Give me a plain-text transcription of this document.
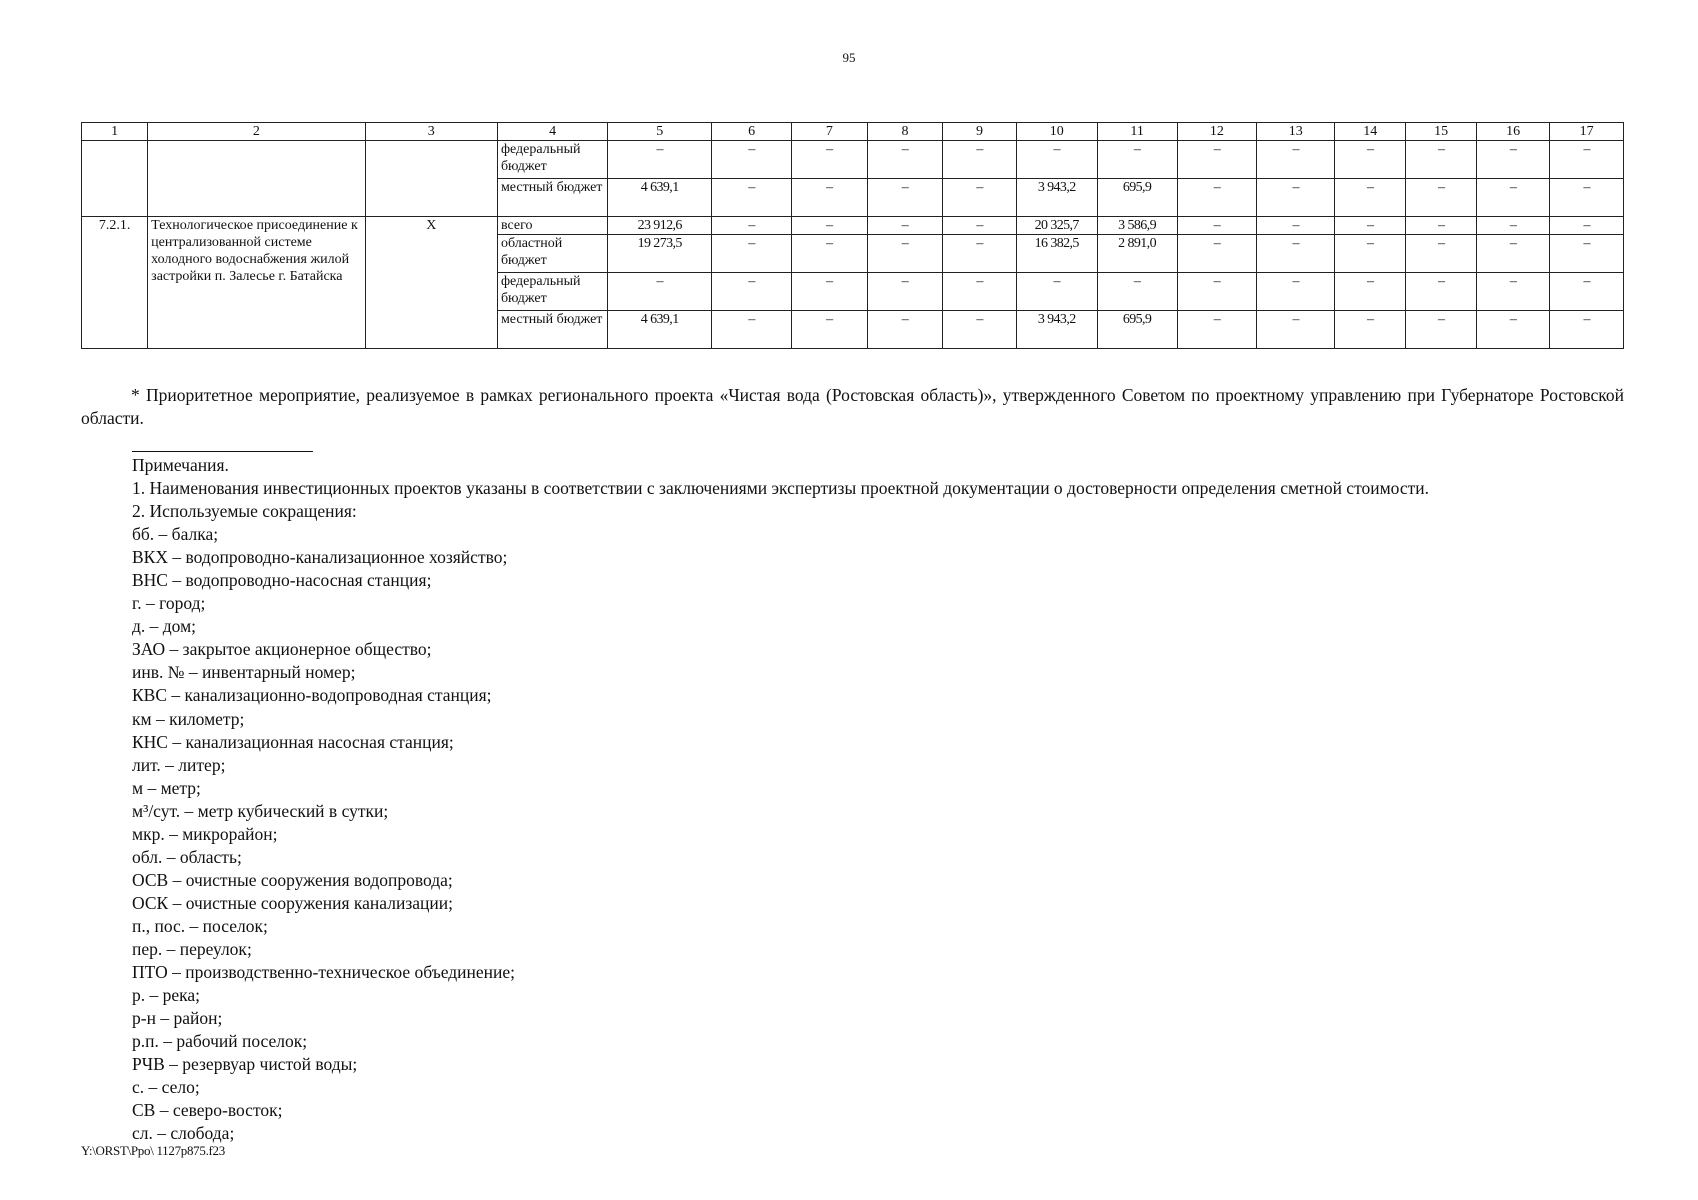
95
1	2	3	4	5	6	7	8	9	10	11	12	13	14	15	16	17
			федеральный бюджет	–	–	–	–	–	–	–	–	–	–	–	–	–
			местный бюджет	4 639,1	–	–	–	–	3 943,2	695,9	–	–	–	–	–	–
7.2.1.	Технологическое присоединение к централизованной системе холодного водоснабжения жилой застройки п. Залесье г. Батайска	Х	всего	23 912,6	–	–	–	–	20 325,7	3 586,9	–	–	–	–	–	–
			областной бюджет	19 273,5	–	–	–	–	16 382,5	2 891,0	–	–	–	–	–	–
			федеральный бюджет	–	–	–	–	–	–	–	–	–	–	–	–	–
			местный бюджет	4 639,1	–	–	–	–	3 943,2	695,9	–	–	–	–	–	–

* Приоритетное мероприятие, реализуемое в рамках регионального проекта «Чистая вода (Ростовская область)», утвержденного Советом по проектному управлению при Губернаторе Ростовской области.

Примечания.
1. Наименования инвестиционных проектов указаны в соответствии с заключениями экспертизы проектной документации о достоверности определения сметной стоимости.
2. Используемые сокращения:
бб. – балка;
ВКХ – водопроводно-канализационное хозяйство;
ВНС – водопроводно-насосная станция;
г. – город;
д. – дом;
ЗАО – закрытое акционерное общество;
инв. № – инвентарный номер;
КВС – канализационно-водопроводная станция;
км – километр;
КНС – канализационная насосная станция;
лит. – литер;
м – метр;
м³/сут. – метр кубический в сутки;
мкр. – микрорайон;
обл. – область;
ОСВ – очистные сооружения водопровода;
ОСК – очистные сооружения канализации;
п., пос. – поселок;
пер. – переулок;
ПТО – производственно-техническое объединение;
р. – река;
р-н – район;
р.п. – рабочий поселок;
РЧВ – резервуар чистой воды;
с. – село;
СВ – северо-восток;
сл. – слобода;
Y:\ORST\Ppo\ 1127p875.f23
